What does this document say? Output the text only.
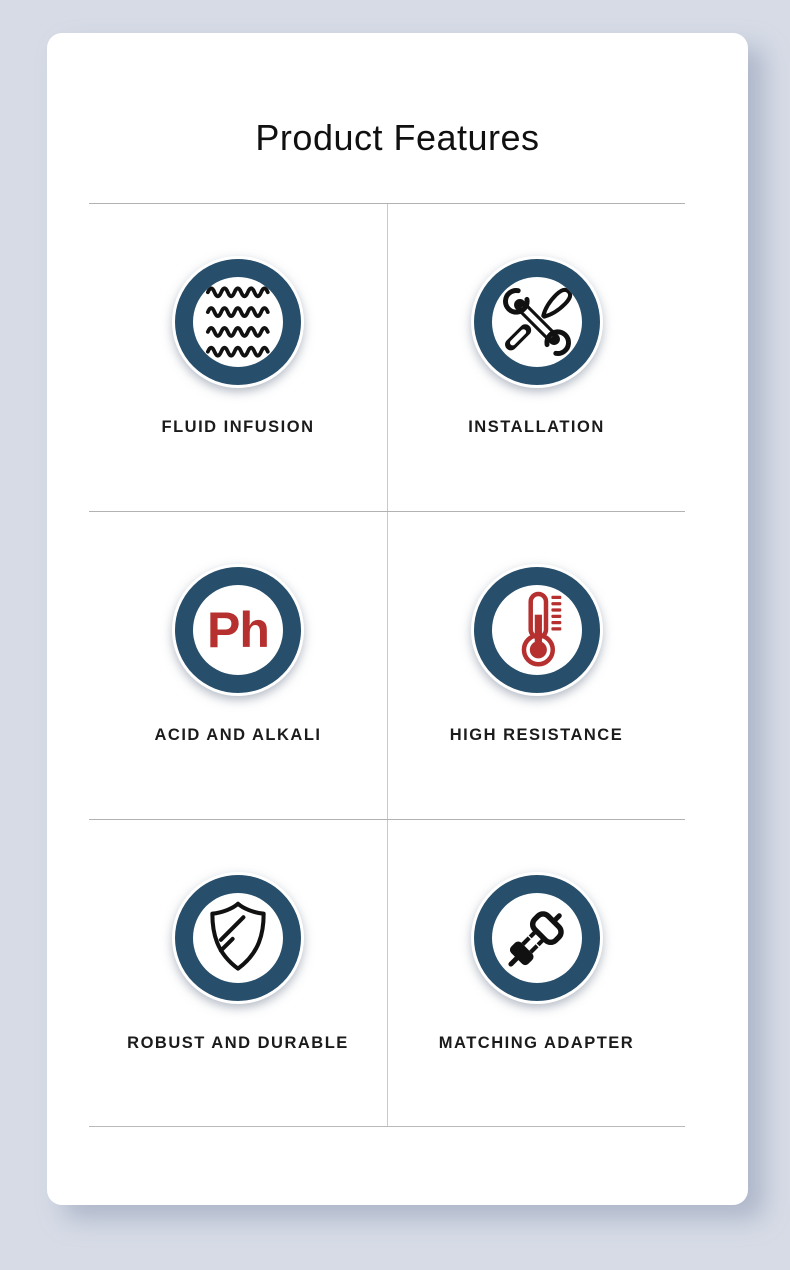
Product Features
FLUID INFUSION	INSTALLATION
Ph
ACID AND ALKALI	HIGH RESISTANCE
ROBUST AND DURABLE	MATCHING ADAPTER
